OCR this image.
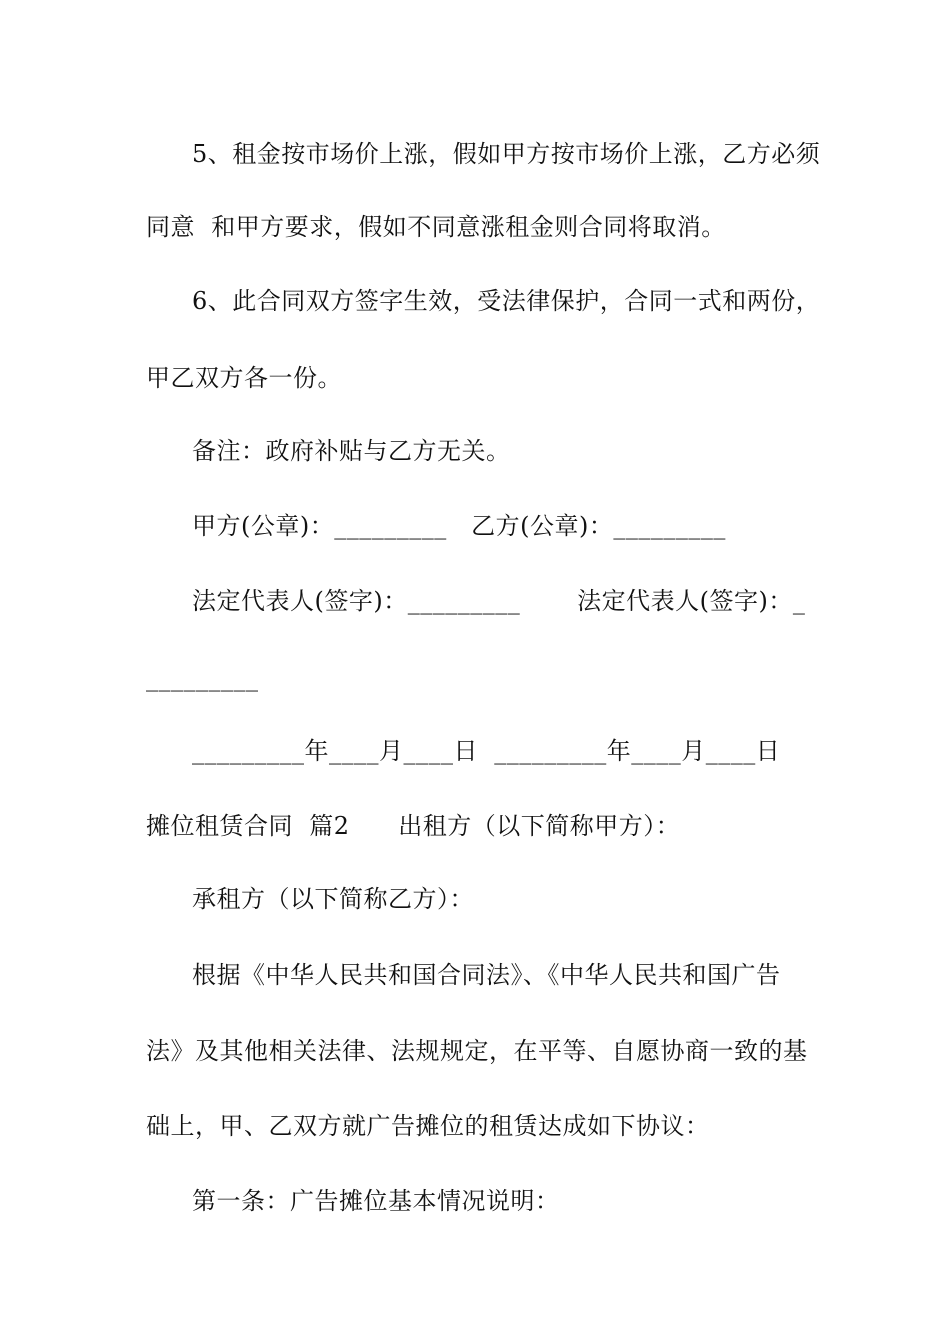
5、租金按市场价上涨，假如甲方按市场价上涨，乙方必须
同意  和甲方要求，假如不同意涨租金则合同将取消。
6、此合同双方签字生效，受法律保护，合同一式和两份，
甲乙双方各一份。
备注：政府补贴与乙方无关。
甲方(公章)：_________   乙方(公章)：_________
法定代表人(签字)：_________       法定代表人(签字)：_
_________
_________年____月____日  _________年____月____日
摊位租赁合同  篇2      出租方（以下简称甲方）：
承租方（以下简称乙方）：
根据《中华人民共和国合同法》、《中华人民共和国广告
法》及其他相关法律、法规规定，在平等、自愿协商一致的基
础上，甲、乙双方就广告摊位的租赁达成如下协议：
第一条：广告摊位基本情况说明：
